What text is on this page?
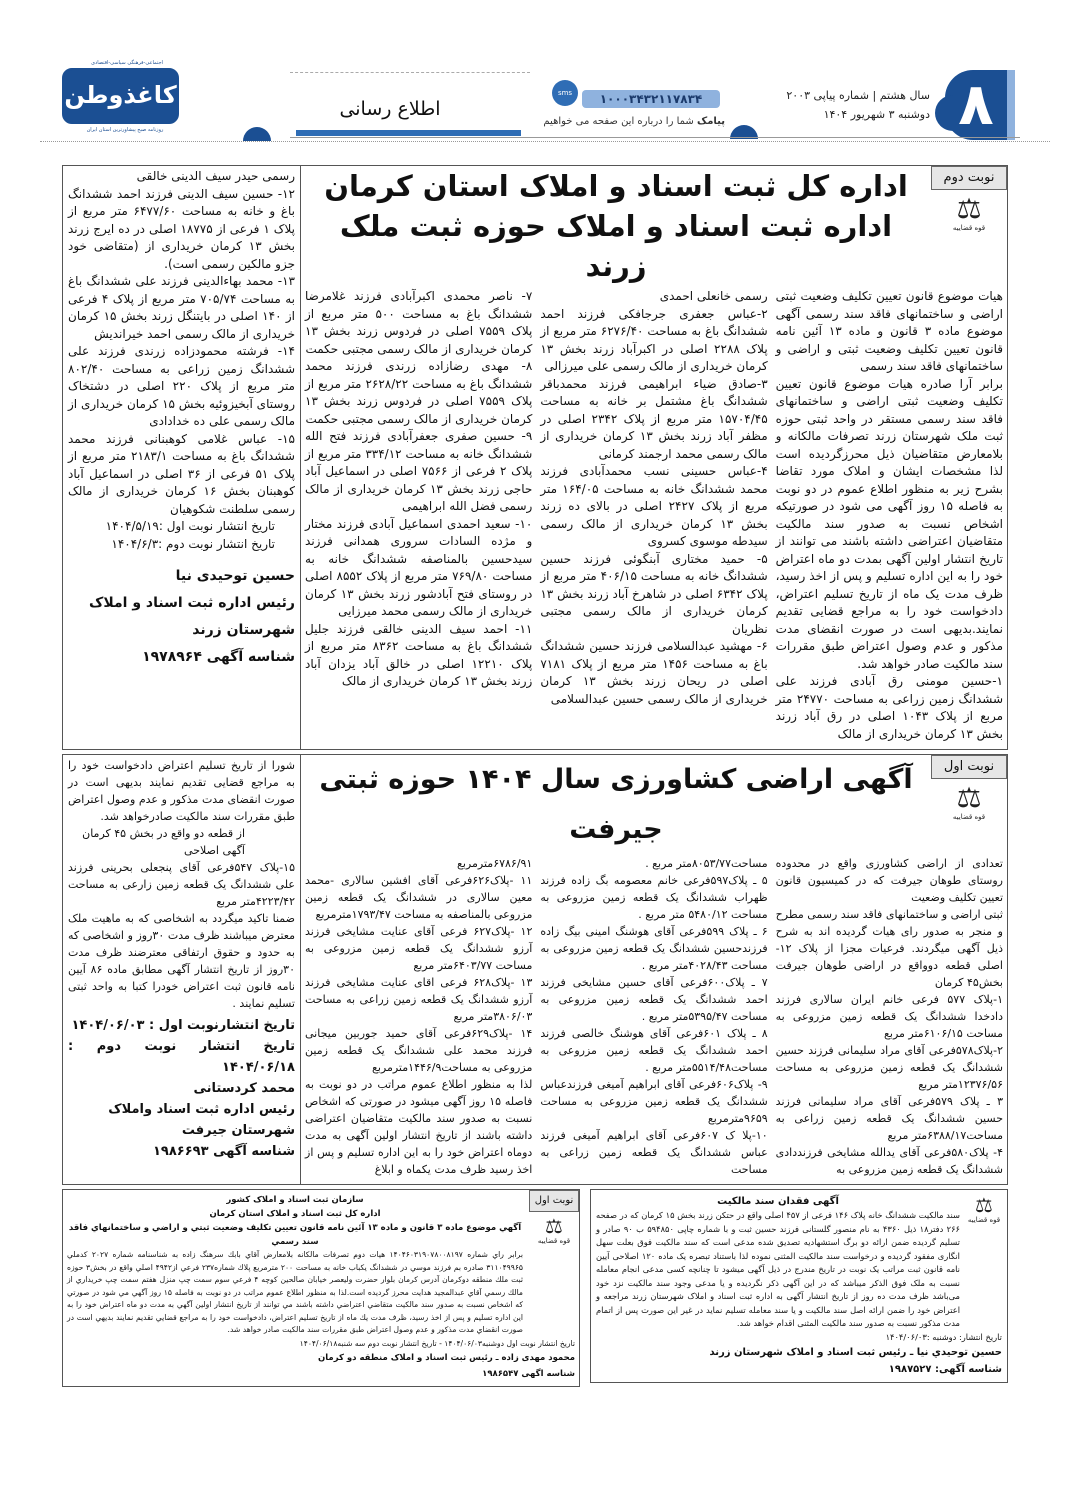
۸
سال هشتم | شماره پیاپی ۲۰۰۳
دوشنبه ۳ شهریور ۱۴۰۴
۱۰۰۰۳۴۳۲۱۱۷۸۳۴
sms
پیامک شما را درباره این صفحه می خواهیم
اطلاع رسانی
اجتماعی-فرهنگی سیاسی-اقتصادی
کاغذوطن
روزنامه صبح پیشاورترین استان ایران
نوبت دوم
⚖
قوه قضاییه
اداره کل ثبت اسناد و املاک استان کرمان
اداره ثبت اسناد و املاک حوزه ثبت ملک زرند

هیات موضوع قانون تعیین تکلیف وضعیت ثبتی اراضی و ساختمانهای فاقد سند رسمی آگهی موضوع ماده ۳ قانون و ماده ۱۳ آئین نامه قانون تعیین تکلیف وضعیت ثبتی و اراضی و ساختمانهای فاقد سند رسمی

برابر آرا صادره هیات موضوع قانون تعیین تکلیف وضعیت ثبتی اراضی و ساختمانهای فاقد سند رسمی مستقر در واحد ثبتی حوزه ثبت ملک شهرستان زرند تصرفات مالکانه و بلامعارض متقاضیان ذیل محرزگردیده است لذا مشخصات ایشان و املاک مورد تقاضا بشرح زیر به منظور اطلاع عموم در دو نوبت به فاصله ۱۵ روز آگهی می شود در صورتیکه اشخاص نسبت به صدور سند مالکیت متقاضیان اعتراضی داشته باشند می توانند از تاریخ انتشار اولین آگهی بمدت دو ماه اعتراض خود را به این اداره تسلیم و پس از اخذ رسید، ظرف مدت یک ماه از تاریخ تسلیم اعتراض، دادخواست خود را به مراجع قضایی تقدیم نمایند.بدیهی است در صورت انقضای مدت مذکور و عدم وصول اعتراض طبق مقررات سند مالکیت صادر خواهد شد.

۱-حسین مومنی رق آبادی فرزند علی ششدانگ زمین زراعی به مساحت ۲۴۷۷۰ متر مربع از پلاک ۱۰۴۳ اصلی در رق آباد زرند بخش ۱۳ کرمان خریداری از مالک

رسمی خانعلی احمدی

۲-عباس جعفری جرجافکی فرزند احمد ششدانگ باغ به مساحت ۶۲۷۶/۴۰ متر مربع از پلاک ۲۲۸۸ اصلی در اکبرآباد زرند بخش ۱۳ کرمان خریداری از مالک رسمی علی میرزالی

۳-صادق ضیاء ابراهیمی فرزند محمدباقر ششدانگ باغ مشتمل بر خانه به مساحت ۱۵۷۰۴/۴۵ متر مربع از پلاک ۲۳۴۲ اصلی در مظفر آباد زرند بخش ۱۳ کرمان خریداری از مالک رسمی محمد ارجمند کرمانی

۴-عباس حسینی نسب محمدآبادی فرزند محمد ششدانگ خانه به مساحت ۱۶۴/۰۵ متر مربع از پلاک ۲۴۲۷ اصلی در بالای ده زرند بخش ۱۳ کرمان خریداری از مالک رسمی سیدطه موسوی کسروی

۵- حمید مختاری آبنگوئی فرزند حسین ششدانگ خانه به مساحت ۴۰۶/۱۵ متر مربع از پلاک ۶۳۴۲ اصلی در شاهرخ آباد زرند بخش ۱۳ کرمان خریداری از مالک رسمی مجتبی نظریان

۶- مهشید عبدالسلامی فرزند حسین ششدانگ باغ به مساحت ۱۴۵۶ متر مربع از پلاک ۷۱۸۱ اصلی در ریحان زرند بخش ۱۳ کرمان خریداری از مالک رسمی حسین عبدالسلامی

۷- ناصر محمدی اکبرآبادی فرزند غلامرضا ششدانگ باغ به مساحت ۵۰۰ متر مربع از پلاک ۷۵۵۹ اصلی در فردوس زرند بخش ۱۳ کرمان خریداری از مالک رسمی مجتبی حکمت

۸- مهدی رضازاده زرندی فرزند محمد ششدانگ باغ به مساحت ۲۶۲۸/۲۲ متر مربع از پلاک ۷۵۵۹ اصلی در فردوس زرند بخش ۱۳ کرمان خریداری از مالک رسمی مجتبی حکمت

۹- حسین صفری جعفرآبادی فرزند فتح الله ششدانگ خانه به مساحت ۳۳۴/۱۲ متر مربع از پلاک ۲ فرعی از ۷۵۶۶ اصلی در اسماعیل آباد حاجی زرند بخش ۱۳ کرمان خریداری از مالک رسمی فضل الله ابراهیمی

۱۰- سعید احمدی اسماعیل آبادی فرزند مختار و مژده السادات سروری همدانی فرزند سیدحسین بالمناصفه ششدانگ خانه به مساحت ۷۶۹/۸۰ متر مربع از پلاک ۸۵۵۲ اصلی در روستای فتح آبادشور زرند بخش ۱۳ کرمان خریداری از مالک رسمی محمد میرزایی

۱۱- احمد سیف الدینی خالقی فرزند جلیل ششدانگ باغ به مساحت ۸۳۶۲ متر مربع از پلاک ۱۲۲۱۰ اصلی در خالق آباد یزدان آباد زرند بخش ۱۳ کرمان خریداری از مالک

رسمی حیدر سیف الدینی خالقی

۱۲- حسین سیف الدینی فرزند احمد ششدانگ باغ و خانه به مساحت ۶۴۷۷/۶۰ متر مربع از پلاک ۱ فرعی از ۱۸۷۷۵ اصلی در ده ایرج زرند بخش ۱۳ کرمان خریداری از (متقاضی خود جزو مالکین رسمی است).

۱۳- محمد بهاءالدینی فرزند علی ششدانگ باغ به مساحت ۷۰۵/۷۴ متر مربع از پلاک ۴ فرعی از ۱۴۰ اصلی در بایتنگل زرند بخش ۱۵ کرمان خریداری از مالک رسمی احمد خیراندیش

۱۴- فرشته محمودزاده زرندی فرزند علی ششدانگ زمین زراعی به مساحت ۸۰۲/۴۰ متر مربع از پلاک ۲۲۰ اصلی در دشتخاک روستای آبخیزوئیه بخش ۱۵ کرمان خریداری از مالک رسمی علی ده خدادادی

۱۵- عباس غلامی کوهبنانی فرزند محمد ششدانگ باغ به مساحت ۲۱۸۳/۱ متر مربع از پلاک ۵۱ فرعی از ۳۶ اصلی در اسماعیل آباد کوهبنان بخش ۱۶ کرمان خریداری از مالک رسمی سلطنت شکوهیان

تاریخ انتشار نوبت اول :۱۴۰۴/۵/۱۹

تاریخ انتشار نوبت دوم :۱۴۰۴/۶/۳

حسین توحیدی نیا
رئیس اداره ثبت اسناد و املاک
شهرستان زرند
شناسه آگهی ۱۹۷۸۹۶۴
نوبت اول
⚖
قوه قضاییه
آگهی اراضی کشاورزی سال ۱۴۰۴ حوزه ثبتی جیرفت

تعدادی از اراضی کشاورزی واقع در محدوده روستای طوهان جیرفت که در کمیسیون قانون تعیین تکلیف وضعیت

ثبتی اراضی و ساختمانهای فاقد سند رسمی مطرح و منجر به صدور رای هیات گردیده اند به شرح ذیل آگهی میگردند. فرعیات مجزا از پلاک ۱۲- اصلی قطعه دوواقع در اراضی طوهان جیرفت بخش۴۵ کرمان

۱-پلاک ۵۷۷ فرعی خانم ایران سالاری فرزند دادخدا ششدانگ یک قطعه زمین مزروعی به مساحت ۶۱۰۶/۱۵متر مربع

۲-پلاک۵۷۸فرعی آقای مراد سلیمانی فرزند حسین ششدانگ یک قطعه زمین مزروعی به مساحت ۱۲۳۷۶/۵۶متر مربع

۳ ـ پلاک ۵۷۹فرعی آقای مراد سلیمانی فرزند حسین ششدانگ یک قطعه زمین زراعی به مساحت۶۳۸۸/۱۷متر مربع

۴- پلاک۵۸۰فرعی آقای یدالله مشایخی فرزنددادی ششدانگ یک قطعه زمین مزروعی به

مساحت۸۰۵۳/۷۷متر مربع .

۵ ـ پلاک۵۹۷فرعی خانم معصومه بگ زاده فرزند ظهراب ششدانگ یک قطعه زمین مزروعی به مساحت ۵۴۸۰/۱۲ متر مربع .

۶ ـ پلاک ۵۹۹فرعی آقای هوشنگ امینی بیگ زاده فرزندحسین ششدانگ یک قطعه زمین مزروعی به مساحت ۴۰۲۸/۴۳متر مربع .

۷ ـ پلاک۶۰۰فرعی آقای حسین مشایخی فرزند احمد ششدانگ یک قطعه زمین مزروعی به مساحت ۵۳۹۵/۴۷متر مربع .

۸ ـ پلاک ۶۰۱فرعی آقای هوشنگ خالصی فرزند احمد ششدانگ یک قطعه زمین مزروعی به مساحت۵۵۱۴/۴۸متر مربع .

۹- پلاک۶۰۶فرعی آقای ابراهیم آمیغی فرزندعباس ششدانگ یک قطعه زمین مزروعی به مساحت ۹۶۵۹مترمربع

۱۰-پلا ک ۶۰۷فرعی آقای ابراهیم آمیغی فرزند عباس ششدانگ یک قطعه زمین زراعی به مساحت

۶۷۸۶/۹۱مترمربع

۱۱ -پلاک۶۲۶فرعی آقای افشین سالاری -محمد معین سالاری در ششدانگ یک قطعه زمین مزروعی بالمناصفه به مساحت ۱۷۹۳/۴۷مترمربع

۱۲ -پلاک۶۲۷ فرعی آقای عنایت مشایخی فرزند آرزو ششدانگ یک قطعه زمین مزروعی به مساحت ۶۴۰۳/۷۷متر مربع

۱۳ -پلاک۶۲۸ فرعی اقای عنایت مشایخی فرزند آرزو ششدانگ یک قطعه زمین زراعی به مساحت ۳۸۰۶/۰۳متر مربع

۱۴ -پلاک۶۲۹فرعی آقای حمید جوربین میجانی فرزند محمد علی ششدانگ یک قطعه زمین مزروعی به مساحت۱۴۴۶/۹مترمربع

لذا به منظور اطلاع عموم مراتب در دو نوبت به فاصله ۱۵ روز آگهی میشود در صورتی که اشخاص نسبت به صدور سند مالکیت متقاضیان اعتراضی داشته باشند از تاریخ انتشار اولین آگهی به مدت دوماه اعتراض خود را به این اداره تسلیم و پس از اخذ رسید ظرف مدت یکماه و ابلاغ

شورا از تاریخ تسلیم اعتراض دادخواست خود را به مراجع قضایی تقدیم نمایند بدیهی است در صورت انقضای مدت مذکور و عدم وصول اعتراض طبق مقررات سند مالکیت صادرخواهد شد.

از قطعه دو واقع در بخش ۴۵ کرمان

آگهی اصلاحی

۱۵-پلاک ۵۴۷فرعی آقای پنجعلی بحرینی فرزند علی ششدانگ یک قطعه زمین زارعی به مساحت ۴۲۲۳/۴۲متر مربع

ضمنا تاکید میگردد به اشخاصی که به ماهیت ملک معترض میباشند ظرف مدت ۳۰روز و اشخاصی که به حدود و حقوق ارتفاقی معترضند ظرف مدت ۳۰روز از تاریخ انتشار آگهی مطابق ماده ۸۶ آیین نامه قانون ثبت اعتراض خودرا کتبا به واحد ثبتی تسلیم نمایند .

تاریخ انتشارنوبت اول : ۱۴۰۴/۰۶/۰۳
تاریخ انتشار نوبت دوم : ۱۴۰۴/۰۶/۱۸
محمد کردستانی
رئیس اداره ثبت اسناد واملاک
شهرستان جیرفت
شناسه آگهی ۱۹۸۶۶۹۳
⚖
قوه قضاییه
آگهی فقدان سند مالکیت
سند مالکیت ششدانگ خانه پلاک ۱۴۶ فرعی از ۴۵۷ اصلی واقع در حتکن زرند بخش ۱۵ کرمان که در صفحه ۲۶۶ دفتر۱۸ ذیل ۴۳۶۰ به نام منصور گلستانی فرزند حسین ثبت و با شماره چاپی ۵۹۴۸۵۰ ب ۹۰ صادر و تسلیم گردیده ضمن ارائه دو برگ استشهادیه تصدیق شده مدعی است که سند مالکیت فوق بعلت سهل انگاری مفقود گردیده و درخواست سند مالکیت المثنی نموده لذا باستناد تبصره یک ماده ۱۲۰ اصلاحی آیین نامه قانون ثبت مراتب یک نوبت در تاریخ مندرج در ذیل آگهی میشود تا چنانچه کسی مدعی انجام معامله نسبت به ملک فوق الذکر میباشد که در این آگهی ذکر نگردیده و یا مدعی وجود سند مالکیت نزد خود می‌باشد ظرف مدت ده روز از تاریخ انتشار آگهی به اداره ثبت اسناد و املاک شهرستان زرند مراجعه و اعتراض خود را ضمن ارائه اصل سند مالکیت و یا سند معامله تسلیم نماید در غیر این صورت پس از اتمام مدت مذکور نسبت به صدور سند مالکیت المثنی اقدام خواهد شد.
تاریخ انتشار: دوشنبه :۱۴۰۴/۰۶/۰۳
حسین توحیدي نیا ـ رئیس ثبت اسناد و املاک شهرستان زرند
شناسه آگهی: ۱۹۸۷۵۲۷
نوبت اول
⚖
قوه قضاییه
سازمان ثبت اسناد و املاک کشور
اداره کل ثبت اسناد و املاک استان کرمان
آگهي موضوع ماده ۳ قانون و ماده ۱۳ آئين نامه قانون تعيين تكليف وضعيت ثبتي و اراضي و ساختمانهاي فاقد سند رسمي
برابر راي شماره ۱۴۰۴۶۰۳۱۹۰۷۸۰۰۸۱۹۷ هيات دوم تصرفات مالكانه بلامعارض آقاي بابك سرهنگ زاده به شناسنامه شماره ۲۰۲۷ كدملي ۳۱۱۰۴۹۹۶۵ صادره بم فرزند موسي در ششدانگ يكباب خانه به مساحت ۲۰۰ مترمربع پلاك شماره۲۳۷ فرعي از۴۹۴۲ اصلي واقع در بخش۳ حوزه ثبت ملك منطقه دوكرمان آدرس كرمان بلوار حضرت وليعصر خيابان صالحين كوچه ۴ فرعي سوم سمت چپ منزل هفتم سمت چپ خريداري از مالك رسمي آقاي عبدالمجيد هدايت محرز گرديده است.لذا به منظور اطلاع عموم مراتب در دو نوبت به فاصله ۱۵ روز آگهي مي شود در صورتي كه اشخاص نسبت به صدور سند مالكيت متقاضي اعتراضي داشته باشند مي توانند از تاريخ انتشار اولين آگهي به مدت دو ماه اعتراض خود را به اين اداره تسليم و پس از اخذ رسيد، ظرف مدت يك ماه از تاريخ تسليم اعتراض، دادخواست خود را به مراجع قضايي تقديم نمايند بديهي است در صورت انقضاي مدت مذكور و عدم وصول اعتراض طبق مقررات سند مالكيت صادر خواهد شد.
تاريخ انتشار نوبت اول دوشنبه۱۴۰۴/۰۶/۰۳ - تاريخ انتشار نوبت دوم سه شنبه۱۴۰۴/۰۶/۱۸
محمود مهدی زاده ـ رئیس ثبت اسناد و املاک منطقه دو کرمان
شناسه اگهی ۱۹۸۶۵۴۷
